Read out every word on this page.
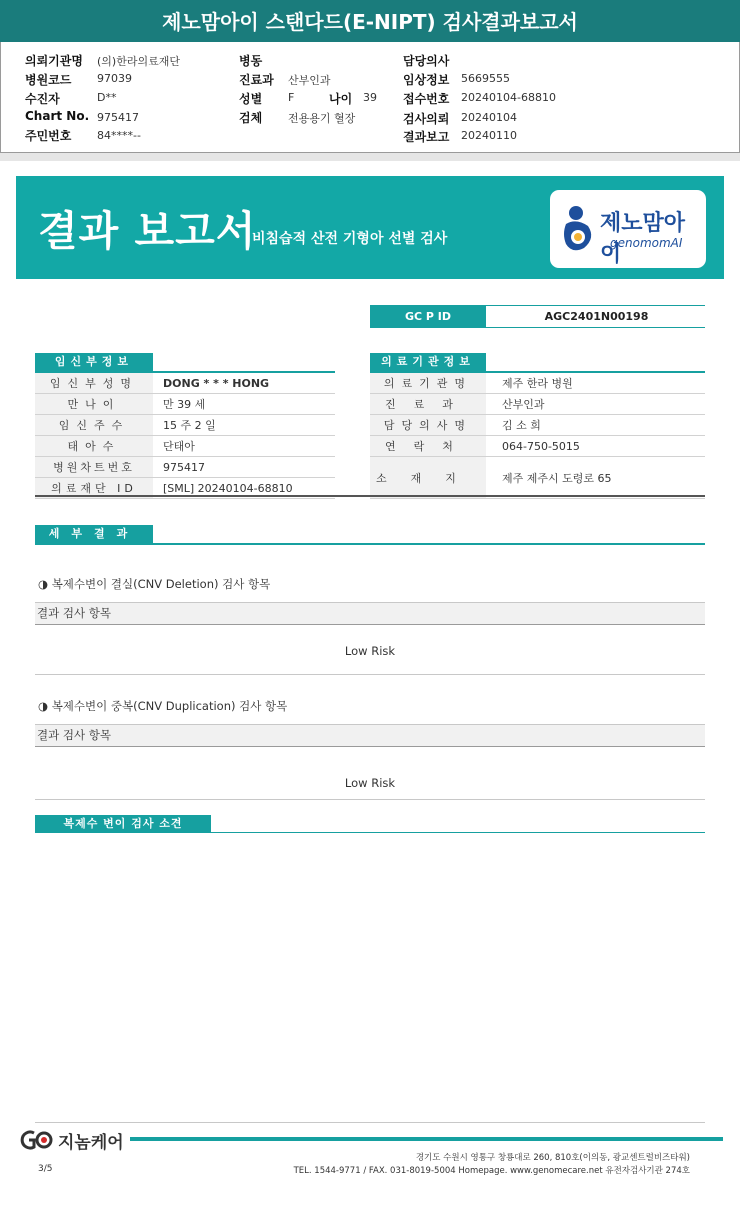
제노맘아이 스탠다드(E-NIPT) 검사결과보고서
의뢰기관명 (의)한라의료재단
병원코드 97039
수진자	D**
Chart No. 975417
주민번호 84****--
병동
진료과 산부인과
성별 F	나이 39
검체 전용용기 혈장
담당의사
임상정보 5669555
접수번호 20240104-68810
검사의뢰 20240104
결과보고 20240110
결과 보고서
비침습적 산전 기형아 선별 검사
제노맘아이
genomomAI
GC P ID	AGC2401N00198
임신부정보
임신부성명	DONG * * * HONG
만나이	만 39 세
임신주수	15 주 2 일
태아수	단태아
병원차트번호	975417
의료재단 ID	[SML] 20240104-68810
의료기관정보
의료기관명	제주 한라 병원
진료과	산부인과
담당의사명	김 소 희
연락처	064-750-5015
소재지	제주 제주시 도령로 65
세부결과
◑ 복제수변이 결실(CNV Deletion) 검사 항목
결과 검사 항목
Low Risk
◑ 복제수변이 중복(CNV Duplication) 검사 항목
결과 검사 항목
Low Risk
복제수 변이 검사 소견
지놈케어
경기도 수원시 영통구 창룡대로 260, 810호(이의동, 광교센트럴비즈타워)
TEL. 1544-9771 / FAX. 031-8019-5004 Homepage. www.genomecare.net 유전자검사기관 274호
3/5
